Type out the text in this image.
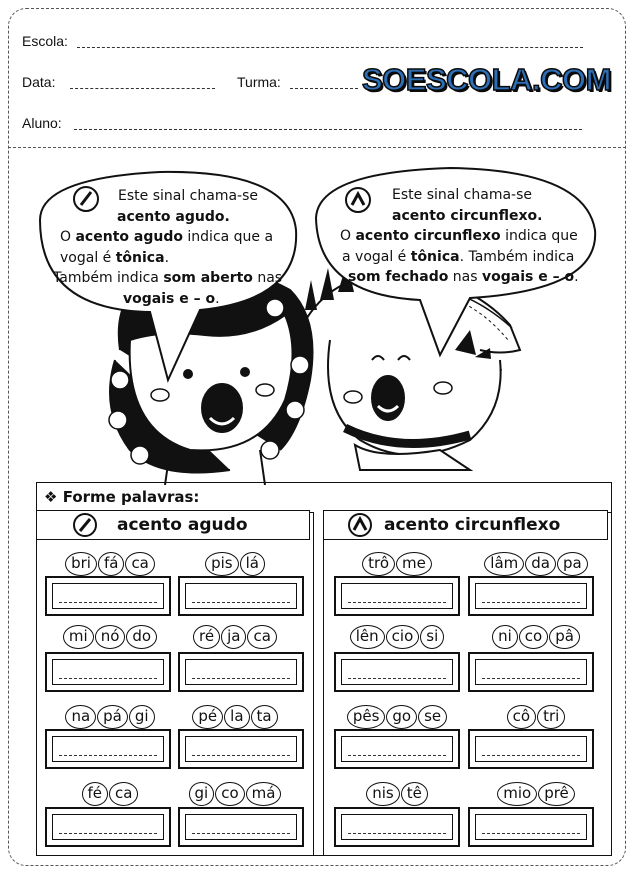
Escola:
Data:	Turma:	SOESCOLA.COM
Aluno:
Este sinal chama-se
acento agudo.
O acento agudo indica que a
vogal é tônica.
Também indica som aberto nas
vogais e – o.
Este sinal chama-se
acento circunflexo.
O acento circunflexo indica que
a vogal é tônica. Também indica
som fechado nas vogais e – o.
❖ Forme palavras:
acento agudo	acento circunflexo
bri fá ca	pis lá
mi nó do	ré ja ca
na pá gi	pé la ta
fé ca	gi co má
trô me	lâm da pa
lên cio si	ni co pâ
pês go se	cô tri
nis tê	mio prê
